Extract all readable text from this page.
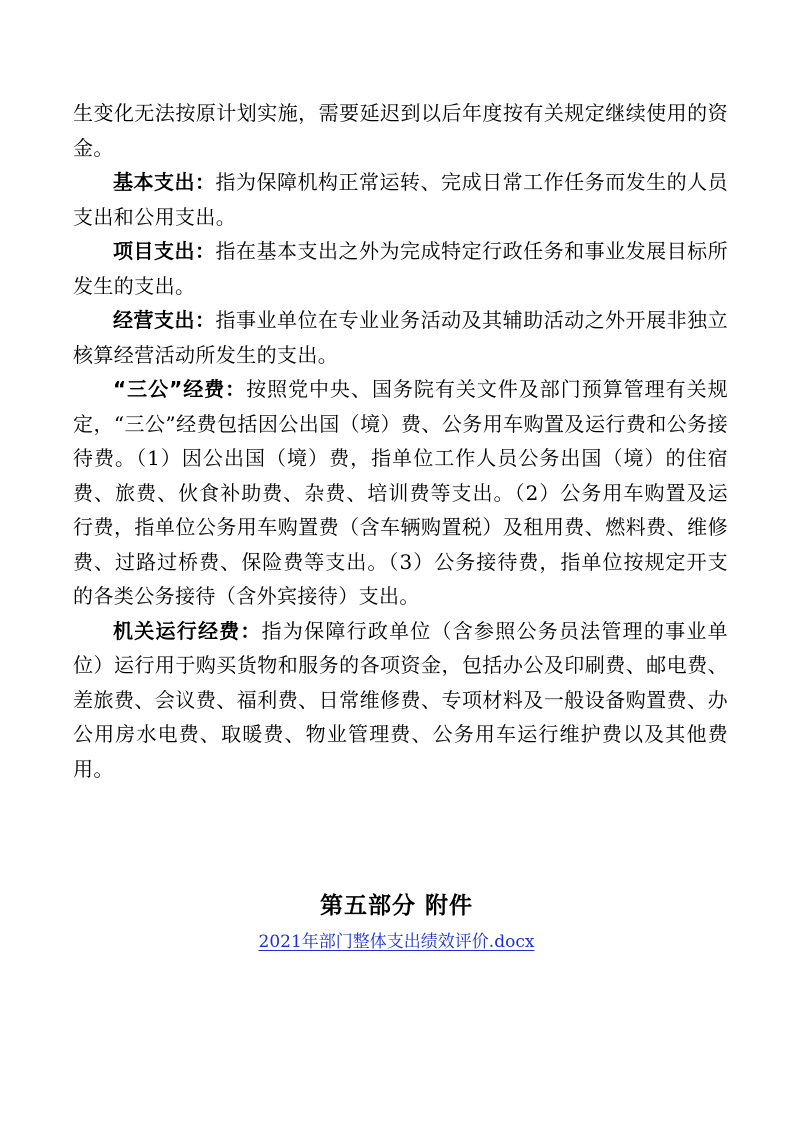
生变化无法按原计划实施，需要延迟到以后年度按有关规定继续使用的资金。

基本支出：指为保障机构正常运转、完成日常工作任务而发生的人员支出和公用支出。

项目支出：指在基本支出之外为完成特定行政任务和事业发展目标所发生的支出。

经营支出：指事业单位在专业业务活动及其辅助活动之外开展非独立核算经营活动所发生的支出。

“三公”经费：按照党中央、国务院有关文件及部门预算管理有关规定，“三公”经费包括因公出国（境）费、公务用车购置及运行费和公务接待费。（1）因公出国（境）费，指单位工作人员公务出国（境）的住宿费、旅费、伙食补助费、杂费、培训费等支出。（2）公务用车购置及运行费，指单位公务用车购置费（含车辆购置税）及租用费、燃料费、维修费、过路过桥费、保险费等支出。（3）公务接待费，指单位按规定开支的各类公务接待（含外宾接待）支出。

机关运行经费：指为保障行政单位（含参照公务员法管理的事业单位）运行用于购买货物和服务的各项资金，包括办公及印刷费、邮电费、差旅费、会议费、福利费、日常维修费、专项材料及一般设备购置费、办公用房水电费、取暖费、物业管理费、公务用车运行维护费以及其他费用。

第五部分 附件
2021年部门整体支出绩效评价.docx
